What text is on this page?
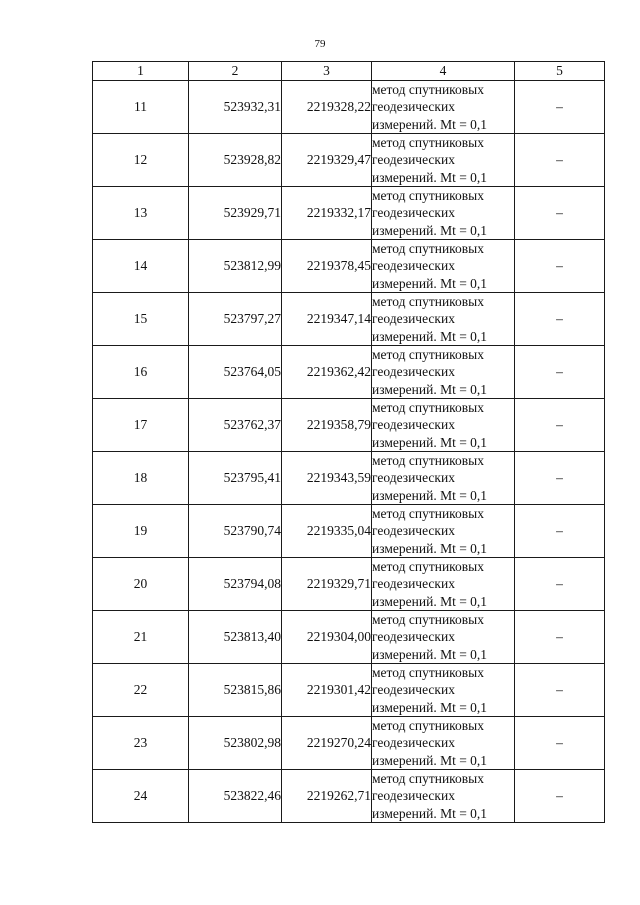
79
1	2	3	4	5
11	523932,31	2219328,22	метод спутниковых
геодезических
измерений. Mt = 0,1	–
12	523928,82	2219329,47	метод спутниковых
геодезических
измерений. Mt = 0,1	–
13	523929,71	2219332,17	метод спутниковых
геодезических
измерений. Mt = 0,1	–
14	523812,99	2219378,45	метод спутниковых
геодезических
измерений. Mt = 0,1	–
15	523797,27	2219347,14	метод спутниковых
геодезических
измерений. Mt = 0,1	–
16	523764,05	2219362,42	метод спутниковых
геодезических
измерений. Mt = 0,1	–
17	523762,37	2219358,79	метод спутниковых
геодезических
измерений. Mt = 0,1	–
18	523795,41	2219343,59	метод спутниковых
геодезических
измерений. Mt = 0,1	–
19	523790,74	2219335,04	метод спутниковых
геодезических
измерений. Mt = 0,1	–
20	523794,08	2219329,71	метод спутниковых
геодезических
измерений. Mt = 0,1	–
21	523813,40	2219304,00	метод спутниковых
геодезических
измерений. Mt = 0,1	–
22	523815,86	2219301,42	метод спутниковых
геодезических
измерений. Mt = 0,1	–
23	523802,98	2219270,24	метод спутниковых
геодезических
измерений. Mt = 0,1	–
24	523822,46	2219262,71	метод спутниковых
геодезических
измерений. Mt = 0,1	–
